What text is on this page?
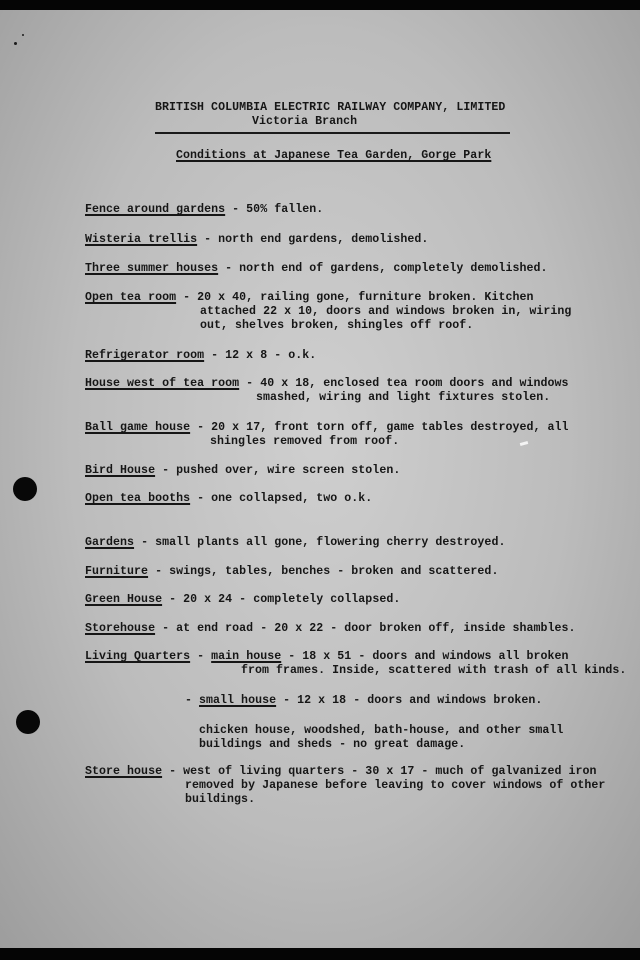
BRITISH COLUMBIA ELECTRIC RAILWAY COMPANY, LIMITED
Victoria Branch
Conditions at Japanese Tea Garden, Gorge Park
Fence around gardens - 50% fallen.
Wisteria trellis - north end gardens, demolished.
Three summer houses - north end of gardens, completely demolished.
Open tea room - 20 x 40, railing gone, furniture broken. Kitchen
attached 22 x 10, doors and windows broken in, wiring
out, shelves broken, shingles off roof.
Refrigerator room - 12 x 8 - o.k.
House west of tea room - 40 x 18, enclosed tea room doors and windows
smashed, wiring and light fixtures stolen.
Ball game house - 20 x 17, front torn off, game tables destroyed, all
shingles removed from roof.
Bird House - pushed over, wire screen stolen.
Open tea booths - one collapsed, two o.k.
Gardens - small plants all gone, flowering cherry destroyed.
Furniture - swings, tables, benches - broken and scattered.
Green House - 20 x 24 - completely collapsed.
Storehouse - at end road - 20 x 22 - door broken off, inside shambles.
Living Quarters - main house - 18 x 51 - doors and windows all broken
from frames. Inside, scattered with trash of all kinds.
- small house - 12 x 18 - doors and windows broken.
chicken house, woodshed, bath-house, and other small
buildings and sheds - no great damage.
Store house - west of living quarters - 30 x 17 - much of galvanized iron
removed by Japanese before leaving to cover windows of other
buildings.
